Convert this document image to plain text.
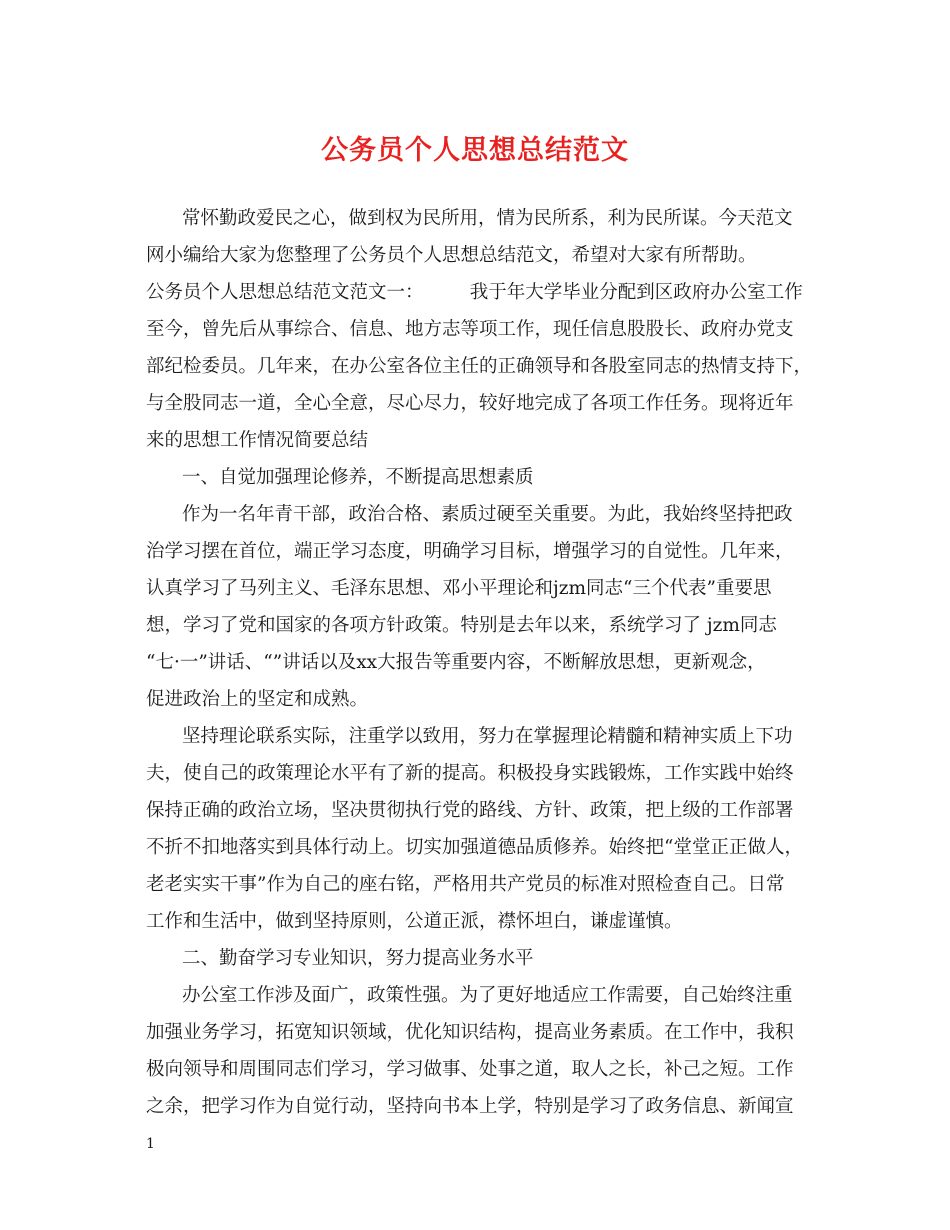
公务员个人思想总结范文
常怀勤政爱民之心，做到权为民所用，情为民所系，利为民所谋。今天范文
网小编给大家为您整理了公务员个人思想总结范文，希望对大家有所帮助。
公务员个人思想总结范文范文一：　　　我于年大学毕业分配到区政府办公室工作
至今，曾先后从事综合、信息、地方志等项工作，现任信息股股长、政府办党支
部纪检委员。几年来，在办公室各位主任的正确领导和各股室同志的热情支持下，
与全股同志一道，全心全意，尽心尽力，较好地完成了各项工作任务。现将近年
来的思想工作情况简要总结
一、自觉加强理论修养，不断提高思想素质
作为一名年青干部，政治合格、素质过硬至关重要。为此，我始终坚持把政
治学习摆在首位，端正学习态度，明确学习目标，增强学习的自觉性。几年来，
认真学习了马列主义、毛泽东思想、邓小平理论和jzm同志“三个代表”重要思
想，学习了党和国家的各项方针政策。特别是去年以来，系统学习了 jzm同志
“七·一”讲话、“”讲话以及xx大报告等重要内容，不断解放思想，更新观念，
促进政治上的坚定和成熟。
坚持理论联系实际，注重学以致用，努力在掌握理论精髓和精神实质上下功
夫，使自己的政策理论水平有了新的提高。积极投身实践锻炼，工作实践中始终
保持正确的政治立场，坚决贯彻执行党的路线、方针、政策，把上级的工作部署
不折不扣地落实到具体行动上。切实加强道德品质修养。始终把“堂堂正正做人，
老老实实干事”作为自己的座右铭，严格用共产党员的标准对照检查自己。日常
工作和生活中，做到坚持原则，公道正派，襟怀坦白，谦虚谨慎。
二、勤奋学习专业知识，努力提高业务水平
办公室工作涉及面广，政策性强。为了更好地适应工作需要，自己始终注重
加强业务学习，拓宽知识领域，优化知识结构，提高业务素质。在工作中，我积
极向领导和周围同志们学习，学习做事、处事之道，取人之长，补己之短。工作
之余，把学习作为自觉行动，坚持向书本上学，特别是学习了政务信息、新闻宣
1
